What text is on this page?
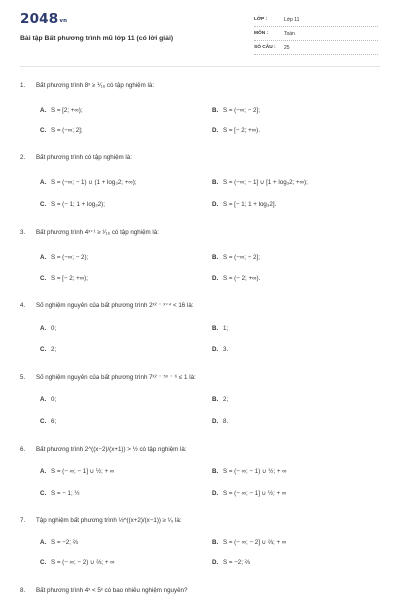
2048vn
Bài tập Bất phương trình mũ lớp 11 (có lời giải)
LỚP :	Lớp 11
MÔN :	Toán
SỐ CÂU : 25
1. Bất phương trình 8ˣ ≥ ⅟₁₆ có tập nghiệm là:
A. S = [2; +∞);	B. S = (−∞; − 2];
C. S = (−∞; 2];	D. S = [− 2; +∞).
2. Bất phương trình có tập nghiệm là:
A. S = (−∞; − 1) ∪ (1 + log₃2; +∞);	B. S = (−∞; − 1] ∪ [1 + log₃2; +∞);
C. S = (− 1; 1 + log₃2);	D. S = [− 1; 1 + log₃2].
3. Bất phương trình 4ˣ⁺¹ ≥ ¹⁄₁₆ có tập nghiệm là:
A. S = (−∞; − 2);	B. S = (−∞; − 2];
C. S = [− 2; +∞);	D. S = (− 2; +∞).
4. Số nghiệm nguyên của bất phương trình 2ˣ² ⁻ ˣ⁺⁴ < 16 là:
A. 0;	B. 1;
C. 2;	D. 3.
5. Số nghiệm nguyên của bất phương trình 7ˣ² ⁻ ⁵ˣ ⁻ ⁶ ≤ 1 là:
A. 0;	B. 2;
C. 6;	D. 8.
6. Bất phương trình 2^((x−2)/(x+1)) > ½ có tập nghiệm là:
A. S = (− ∞; − 1] ∪ ½; + ∞	B. S = (− ∞; − 1) ∪ ½; + ∞
C. S = − 1; ½	D. S = (− ∞; − 1] ∪ ½; + ∞
7. Tập nghiệm bất phương trình ⅓^((x+2)/(x−1)) ≥ ¹⁄₉ là:
A. S = −2; ⅔	B. S = (− ∞; − 2] ∪ ⅔; + ∞
C. S = (− ∞; − 2) ∪ ⅔; + ∞	D. S = −2; ⅔
8. Bất phương trình 4ˣ < 5ˣ có bao nhiêu nghiệm nguyên?
